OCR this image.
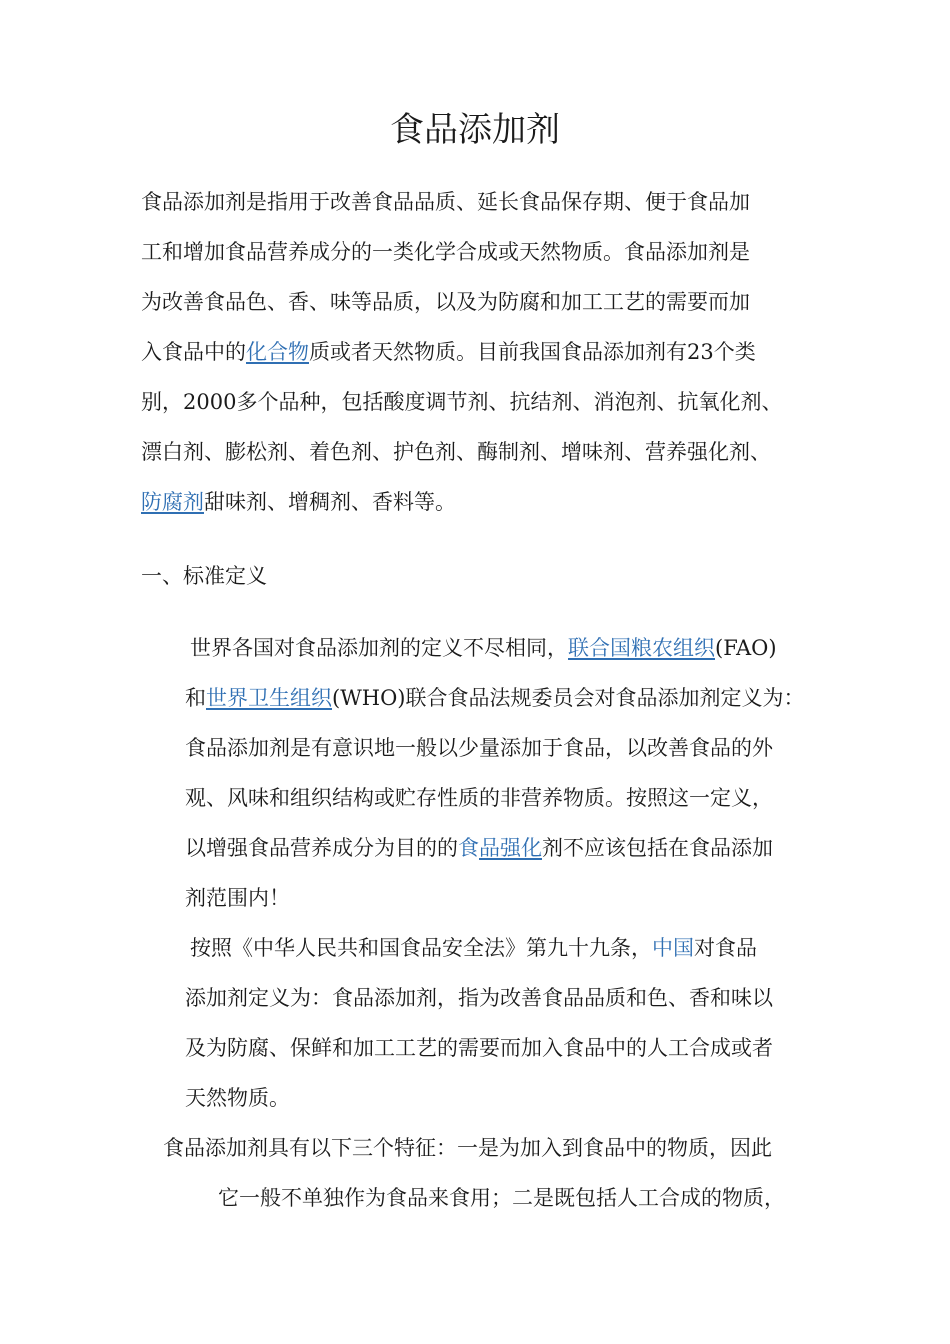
食品添加剂

食品添加剂是指用于改善食品品质、延长食品保存期、便于食品加

工和增加食品营养成分的一类化学合成或天然物质。食品添加剂是

为改善食品色、香、味等品质，以及为防腐和加工工艺的需要而加

入食品中的化合物质或者天然物质。目前我国食品添加剂有23个类

别，2000多个品种，包括酸度调节剂、抗结剂、消泡剂、抗氧化剂、

漂白剂、膨松剂、着色剂、护色剂、酶制剂、增味剂、营养强化剂、

防腐剂甜味剂、增稠剂、香料等。

一、标准定义

世界各国对食品添加剂的定义不尽相同，联合国粮农组织(FAO)

和世界卫生组织(WHO)联合食品法规委员会对食品添加剂定义为：

食品添加剂是有意识地一般以少量添加于食品，以改善食品的外

观、风味和组织结构或贮存性质的非营养物质。按照这一定义，

以增强食品营养成分为目的的食品强化剂不应该包括在食品添加

剂范围内！

按照《中华人民共和国食品安全法》第九十九条，中国对食品

添加剂定义为：食品添加剂，指为改善食品品质和色、香和味以

及为防腐、保鲜和加工工艺的需要而加入食品中的人工合成或者

天然物质。

食品添加剂具有以下三个特征：一是为加入到食品中的物质，因此

它一般不单独作为食品来食用；二是既包括人工合成的物质，
